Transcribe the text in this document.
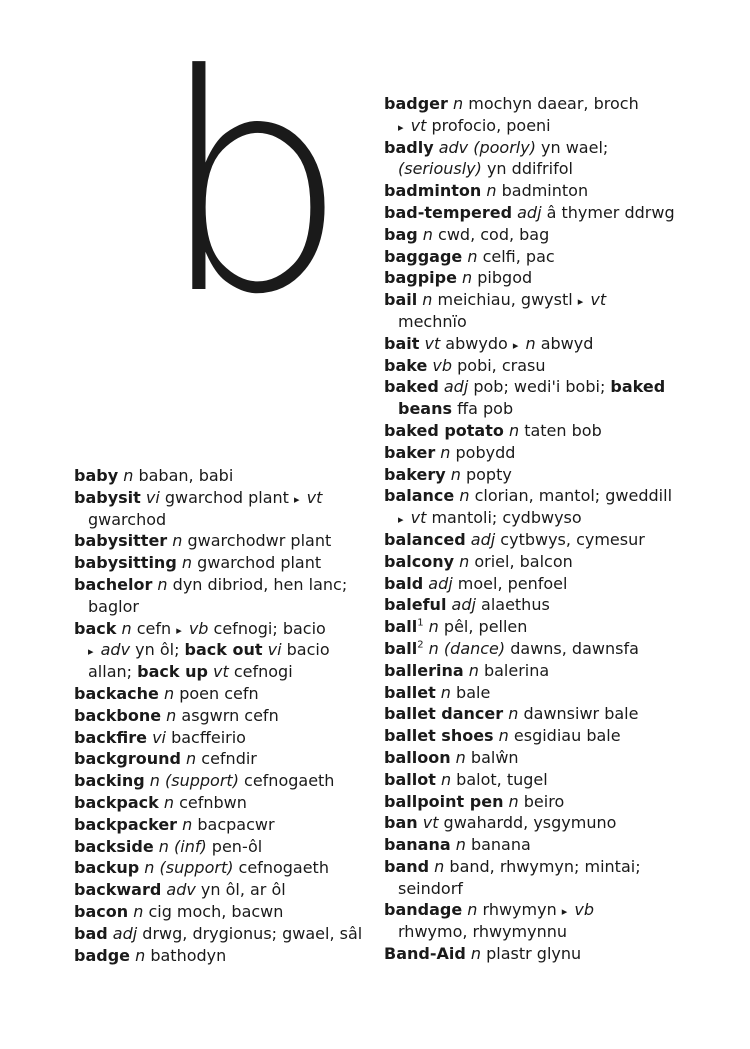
b
baby n baban, babi
babysit vi gwarchod plant ▸ vt
gwarchod
babysitter n gwarchodwr plant
babysitting n gwarchod plant
bachelor n dyn dibriod, hen lanc;
baglor
back n cefn ▸ vb cefnogi; bacio
▸ adv yn ôl; back out vi bacio
allan; back up vt cefnogi
backache n poen cefn
backbone n asgwrn cefn
backfire vi bacffeirio
background n cefndir
backing n (support) cefnogaeth
backpack n cefnbwn
backpacker n bacpacwr
backside n (inf) pen-ôl
backup n (support) cefnogaeth
backward adv yn ôl, ar ôl
bacon n cig moch, bacwn
bad adj drwg, drygionus; gwael, sâl
badge n bathodyn
badger n mochyn daear, broch
▸ vt profocio, poeni
badly adv (poorly) yn wael;
(seriously) yn ddifrifol
badminton n badminton
bad-tempered adj â thymer ddrwg
bag n cwd, cod, bag
baggage n celfi, pac
bagpipe n pibgod
bail n meichiau, gwystl ▸ vt
mechnïo
bait vt abwydo ▸ n abwyd
bake vb pobi, crasu
baked adj pob; wedi'i bobi; baked
beans ffa pob
baked potato n taten bob
baker n pobydd
bakery n popty
balance n clorian, mantol; gweddill
▸ vt mantoli; cydbwyso
balanced adj cytbwys, cymesur
balcony n oriel, balcon
bald adj moel, penfoel
baleful adj alaethus
ball$^1$ n pêl, pellen
ball$^2$ n (dance) dawns, dawnsfa
ballerina n balerina
ballet n bale
ballet dancer n dawnsiwr bale
ballet shoes n esgidiau bale
balloon n balŵn
ballot n balot, tugel
ballpoint pen n beiro
ban vt gwahardd, ysgymuno
banana n banana
band n band, rhwymyn; mintai;
seindorf
bandage n rhwymyn ▸ vb
rhwymo, rhwymynnu
Band-Aid n plastr glynu
